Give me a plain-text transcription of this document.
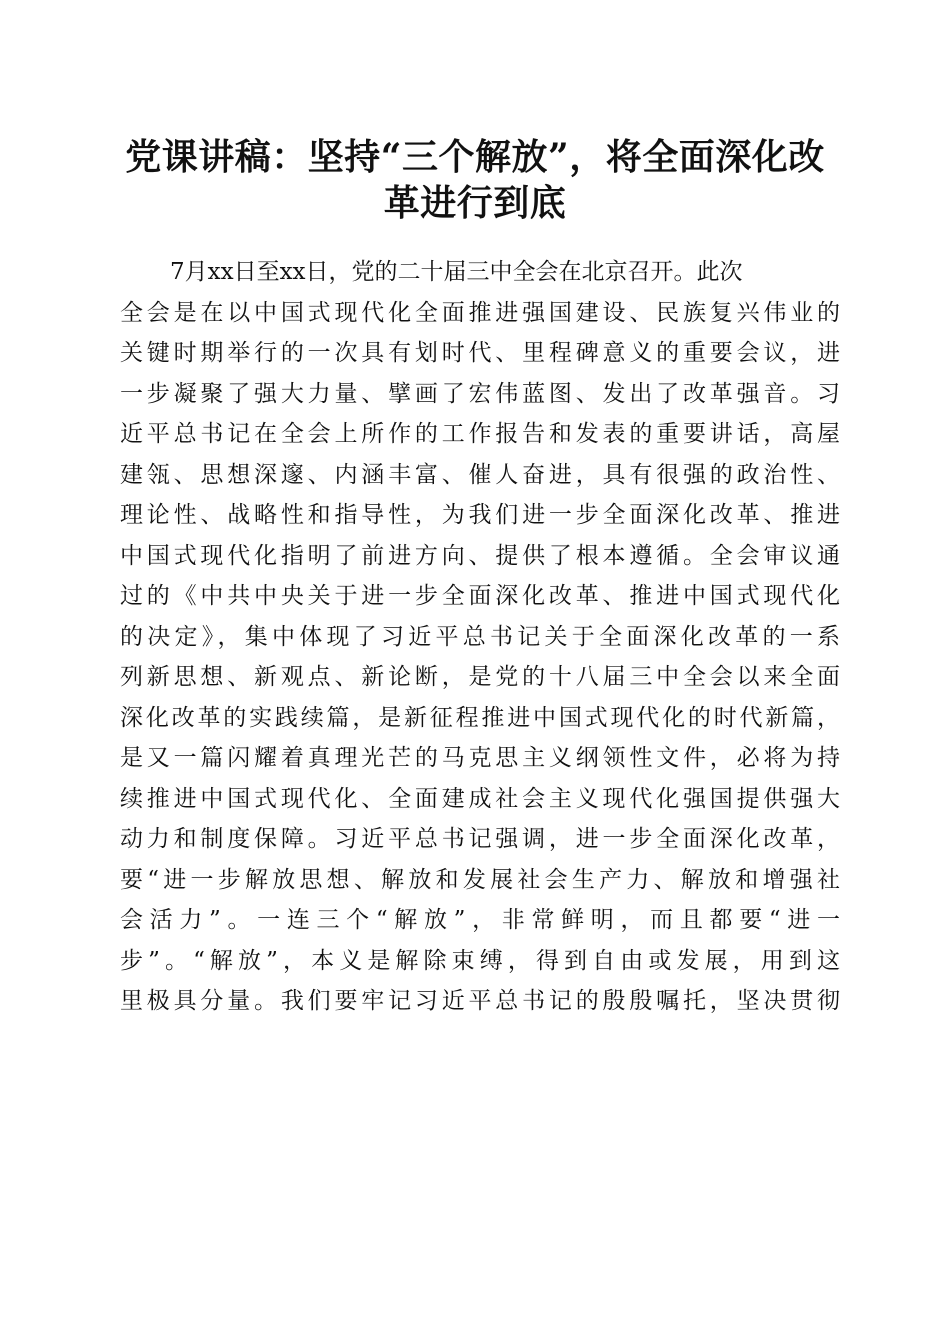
党课讲稿：坚持“三个解放”，将全面深化改
革进行到底
7月xx日至xx日，党的二十届三中全会在北京召开。此次
全会是在以中国式现代化全面推进强国建设、民族复兴伟业的
关键时期举行的一次具有划时代、里程碑意义的重要会议，进
一步凝聚了强大力量、擘画了宏伟蓝图、发出了改革强音。习
近平总书记在全会上所作的工作报告和发表的重要讲话，高屋
建瓴、思想深邃、内涵丰富、催人奋进，具有很强的政治性、
理论性、战略性和指导性，为我们进一步全面深化改革、推进
中国式现代化指明了前进方向、提供了根本遵循。全会审议通
过的《中共中央关于进一步全面深化改革、推进中国式现代化
的决定》，集中体现了习近平总书记关于全面深化改革的一系
列新思想、新观点、新论断，是党的十八届三中全会以来全面
深化改革的实践续篇，是新征程推进中国式现代化的时代新篇，
是又一篇闪耀着真理光芒的马克思主义纲领性文件，必将为持
续推进中国式现代化、全面建成社会主义现代化强国提供强大
动力和制度保障。习近平总书记强调，进一步全面深化改革，
要“进一步解放思想、解放和发展社会生产力、解放和增强社
会活力”。一连三个“解放”，非常鲜明，而且都要“进一
步”。“解放”，本义是解除束缚，得到自由或发展，用到这
里极具分量。我们要牢记习近平总书记的殷殷嘱托，坚决贯彻
